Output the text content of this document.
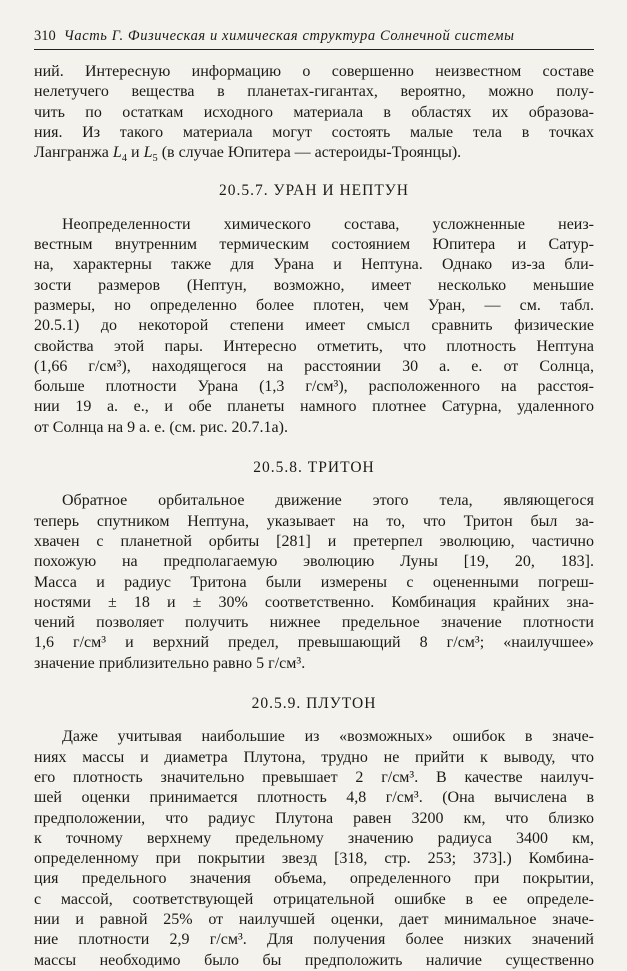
310 Часть Г. Физическая и химическая структура Солнечной системы
ний. Интересную информацию о совершенно неизвестном составе
нелетучего вещества в планетах-гигантах, вероятно, можно полу-
чить по остаткам исходного материала в областях их образова-
ния. Из такого материала могут состоять малые тела в точках
Лангранжа $L_4$ и $L_5$ (в случае Юпитера — астероиды-Троянцы).
20.5.7. УРАН И НЕПТУН
Неопределенности химического состава, усложненные неиз-
вестным внутренним термическим состоянием Юпитера и Сатур-
на, характерны также для Урана и Нептуна. Однако из-за бли-
зости размеров (Нептун, возможно, имеет несколько меньшие
размеры, но определенно более плотен, чем Уран, — см. табл.
20.5.1) до некоторой степени имеет смысл сравнить физические
свойства этой пары. Интересно отметить, что плотность Нептуна
(1,66 г/см³), находящегося на расстоянии 30 а. е. от Солнца,
больше плотности Урана (1,3 г/см³), расположенного на расстоя-
нии 19 а. е., и обе планеты намного плотнее Сатурна, удаленного
от Солнца на 9 а. е. (см. рис. 20.7.1а).
20.5.8. ТРИТОН
Обратное орбитальное движение этого тела, являющегося
теперь спутником Нептуна, указывает на то, что Тритон был за-
хвачен с планетной орбиты [281] и претерпел эволюцию, частично
похожую на предполагаемую эволюцию Луны [19, 20, 183].
Масса и радиус Тритона были измерены с оцененными погреш-
ностями ± 18 и ± 30% соответственно. Комбинация крайних зна-
чений позволяет получить нижнее предельное значение плотности
1,6 г/см³ и верхний предел, превышающий 8 г/см³; «наилучшее»
значение приблизительно равно 5 г/см³.
20.5.9. ПЛУТОН
Даже учитывая наибольшие из «возможных» ошибок в значе-
ниях массы и диаметра Плутона, трудно не прийти к выводу, что
его плотность значительно превышает 2 г/см³. В качестве наилуч-
шей оценки принимается плотность 4,8 г/см³. (Она вычислена в
предположении, что радиус Плутона равен 3200 км, что близко
к точному верхнему предельному значению радиуса 3400 км,
определенному при покрытии звезд [318, стр. 253; 373].) Комбина-
ция предельного значения объема, определенного при покрытии,
с массой, соответствующей отрицательной ошибке в ее определе-
нии и равной 25% от наилучшей оценки, дает минимальное значе-
ние плотности 2,9 г/см³. Для получения более низких значений
массы необходимо было бы предположить наличие существенно
